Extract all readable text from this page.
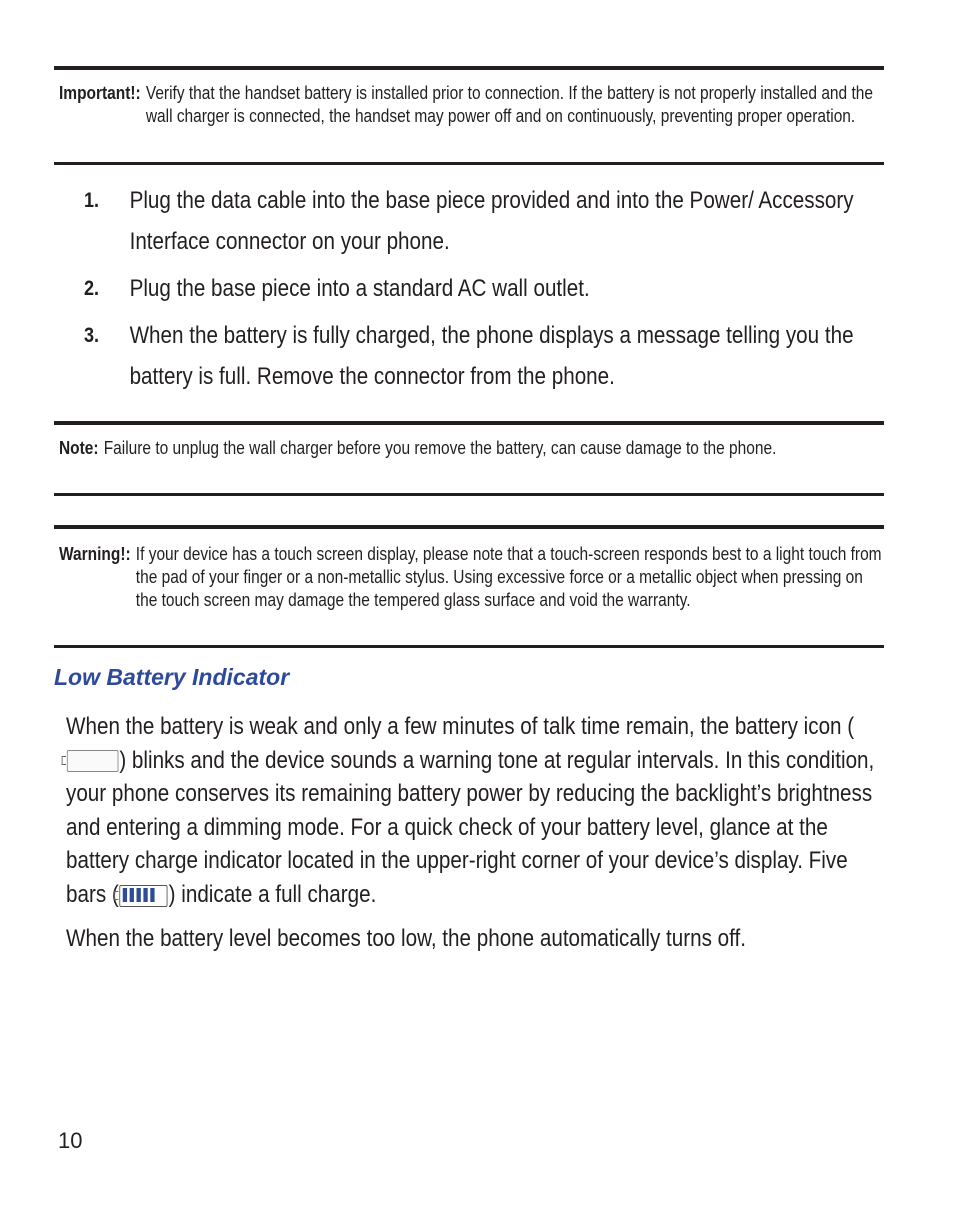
Important!: Verify that the handset battery is installed prior to connection. If the battery is not properly installed and the wall charger is connected, the handset may power off and on continuously, preventing proper operation.
1.	Plug the data cable into the base piece provided and into the Power/ Accessory Interface connector on your phone.
2.	Plug the base piece into a standard AC wall outlet.
3.	When the battery is fully charged, the phone displays a message telling you the battery is full. Remove the connector from the phone.
Note: Failure to unplug the wall charger before you remove the battery, can cause damage to the phone.
Warning!: If your device has a touch screen display, please note that a touch-screen responds best to a light touch from the pad of your finger or a non-metallic stylus. Using excessive force or a metallic object when pressing on the touch screen may damage the tempered glass surface and void the warranty.
Low Battery Indicator

When the battery is weak and only a few minutes of talk time remain, the battery icon () blinks and the device sounds a warning tone at regular intervals. In this condition, your phone conserves its remaining battery power by reducing the backlight’s brightness and entering a dimming mode. For a quick check of your battery level, glance at the battery charge indicator located in the upper-right corner of your device’s display. Five bars ( ) indicate a full charge.

When the battery level becomes too low, the phone automatically turns off.

10
